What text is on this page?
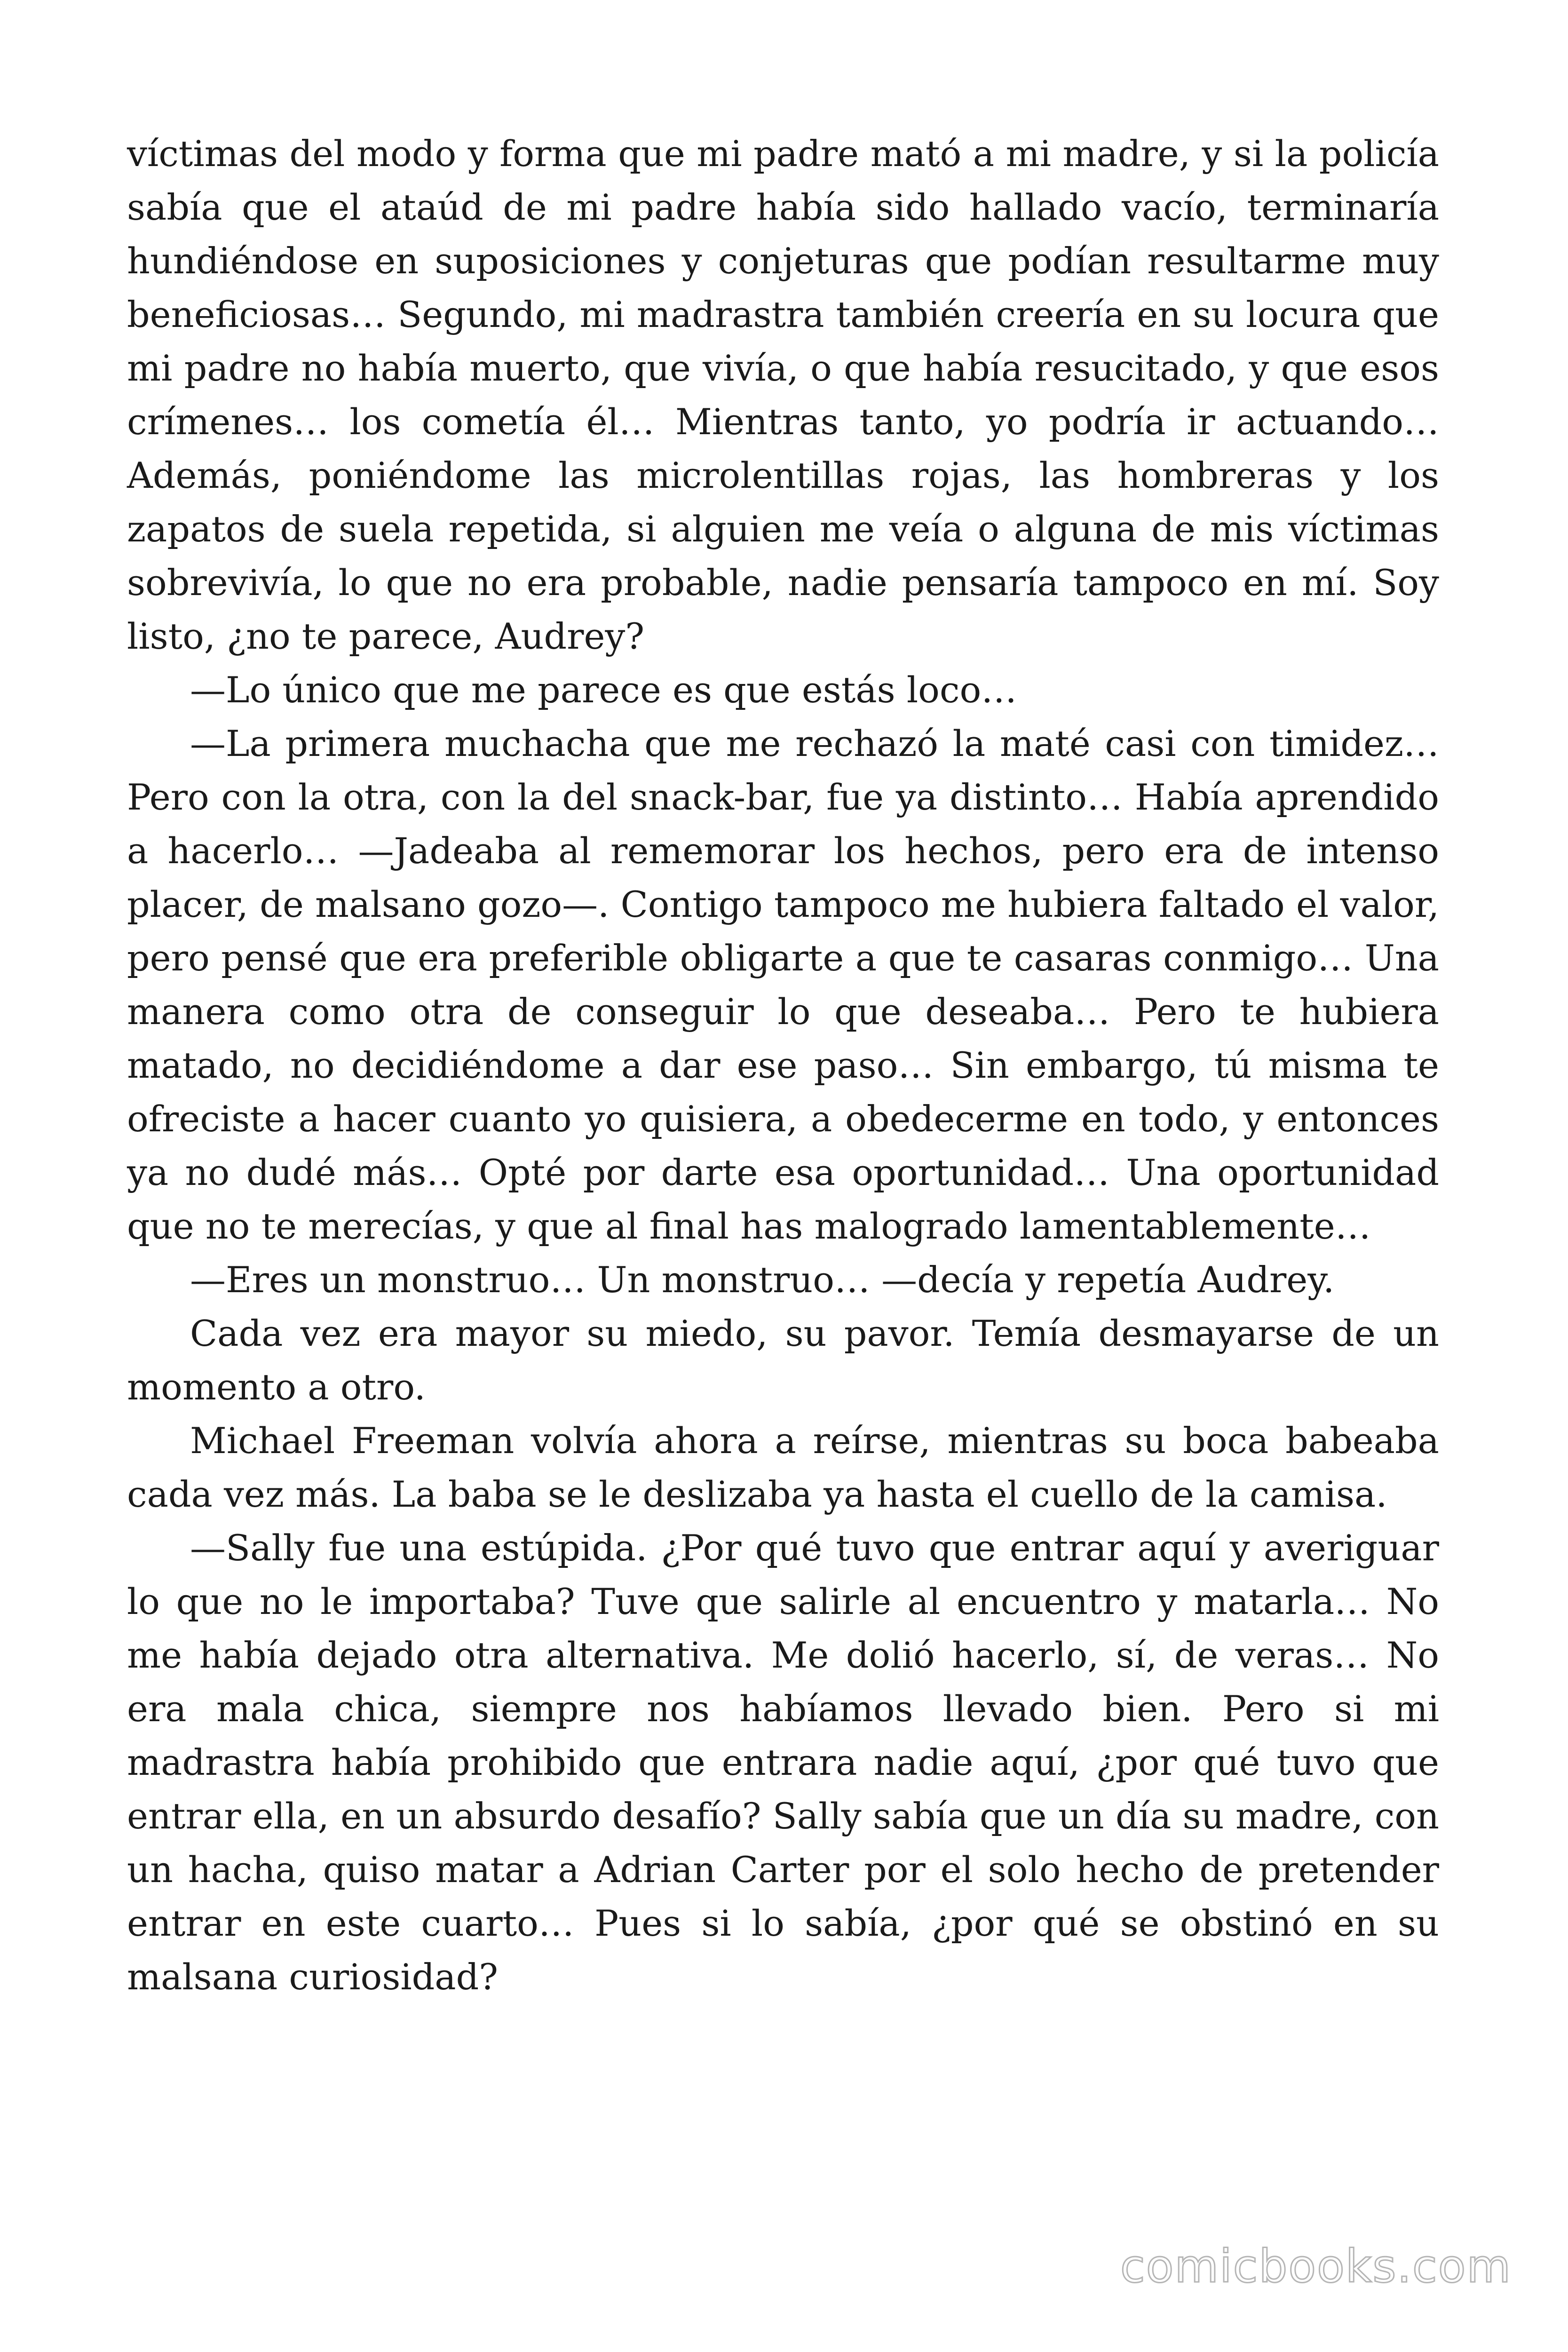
víctimas del modo y forma que mi padre mató a mi madre, y si la policía sabía que el ataúd de mi padre había sido hallado vacío, terminaría hundiéndose en suposiciones y conjeturas que podían resultarme muy beneficiosas… Segundo, mi madrastra también creería en su locura que mi padre no había muerto, que vivía, o que había resucitado, y que esos crímenes… los cometía él… Mientras tanto, yo podría ir actuando… Además, poniéndome las microlentillas rojas, las hombreras y los zapatos de suela repetida, si alguien me veía o alguna de mis víctimas sobrevivía, lo que no era probable, nadie pensaría tampoco en mí. Soy listo, ¿no te parece, Audrey?

—Lo único que me parece es que estás loco…

—La primera muchacha que me rechazó la maté casi con timidez… Pero con la otra, con la del snack-bar, fue ya distinto… Había aprendido a hacerlo… —Jadeaba al rememorar los hechos, pero era de intenso placer, de malsano gozo—. Contigo tampoco me hubiera faltado el valor, pero pensé que era preferible obligarte a que te casaras conmigo… Una manera como otra de conseguir lo que deseaba… Pero te hubiera matado, no decidiéndome a dar ese paso… Sin embargo, tú misma te ofreciste a hacer cuanto yo quisiera, a obedecerme en todo, y entonces ya no dudé más… Opté por darte esa oportunidad… Una oportunidad que no te merecías, y que al final has malogrado lamentablemente…

—Eres un monstruo… Un monstruo… —decía y repetía Audrey.

Cada vez era mayor su miedo, su pavor. Temía desmayarse de un momento a otro.

Michael Freeman volvía ahora a reírse, mientras su boca babeaba cada vez más. La baba se le deslizaba ya hasta el cuello de la camisa.

—Sally fue una estúpida. ¿Por qué tuvo que entrar aquí y averiguar lo que no le importaba? Tuve que salirle al encuentro y matarla… No me había dejado otra alternativa. Me dolió hacerlo, sí, de veras… No era mala chica, siempre nos habíamos llevado bien. Pero si mi madrastra había prohibido que entrara nadie aquí, ¿por qué tuvo que entrar ella, en un absurdo desafío? Sally sabía que un día su madre, con un hacha, quiso matar a Adrian Carter por el solo hecho de pretender entrar en este cuarto… Pues si lo sabía, ¿por qué se obstinó en su malsana curiosidad?

comicbooks.com
